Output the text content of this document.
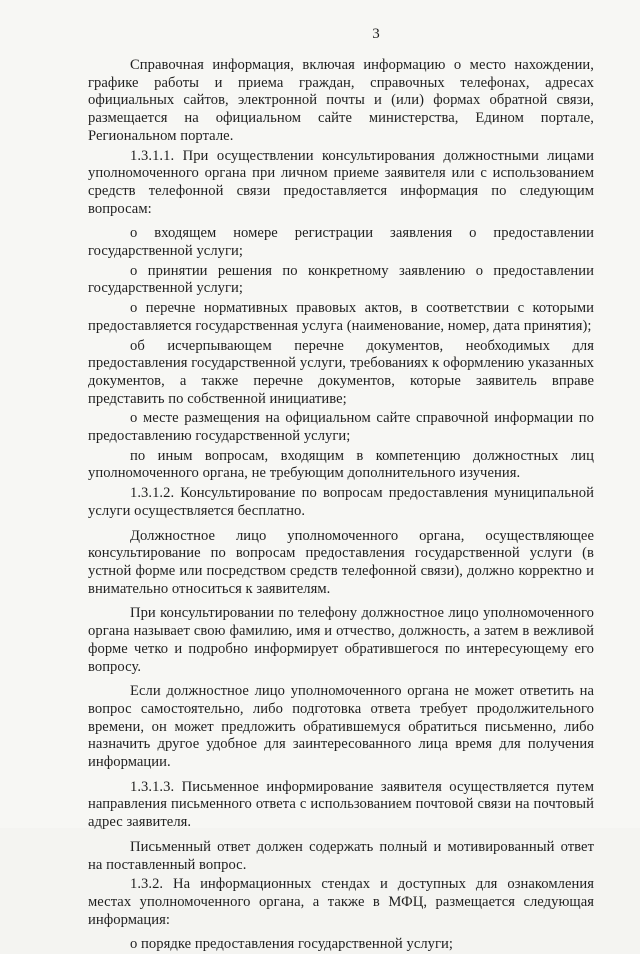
3

Справочная информация, включая информацию о место нахождении, графике работы и приема граждан, справочных телефонах, адресах официальных сайтов, электронной почты и (или) формах обратной связи, размещается на официальном сайте министерства, Едином портале, Региональном портале.

1.3.1.1. При осуществлении консультирования должностными лицами уполномоченного органа при личном приеме заявителя или с использованием средств телефонной связи предоставляется информация по следующим вопросам:

о входящем номере регистрации заявления о предоставлении государственной услуги;

о принятии решения по конкретному заявлению о предоставлении государственной услуги;

о перечне нормативных правовых актов, в соответствии с которыми предоставляется государственная услуга (наименование, номер, дата принятия);

об исчерпывающем перечне документов, необходимых для предоставления государственной услуги, требованиях к оформлению указанных документов, а также перечне документов, которые заявитель вправе представить по собственной инициативе;

о месте размещения на официальном сайте справочной информации по предоставлению государственной услуги;

по иным вопросам, входящим в компетенцию должностных лиц уполномоченного органа, не требующим дополнительного изучения.

1.3.1.2. Консультирование по вопросам предоставления муниципальной услуги осуществляется бесплатно.

Должностное лицо уполномоченного органа, осуществляющее консультирование по вопросам предоставления государственной услуги (в устной форме или посредством средств телефонной связи), должно корректно и внимательно относиться к заявителям.

При консультировании по телефону должностное лицо уполномоченного органа называет свою фамилию, имя и отчество, должность, а затем в вежливой форме четко и подробно информирует обратившегося по интересующему его вопросу.

Если должностное лицо уполномоченного органа не может ответить на вопрос самостоятельно, либо подготовка ответа требует продолжительного времени, он может предложить обратившемуся обратиться письменно, либо назначить другое удобное для заинтересованного лица время для получения информации.

1.3.1.3. Письменное информирование заявителя осуществляется путем направления письменного ответа с использованием почтовой связи на почтовый адрес заявителя.

Письменный ответ должен содержать полный и мотивированный ответ на поставленный вопрос.

1.3.2. На информационных стендах и доступных для ознакомления местах уполномоченного органа, а также в МФЦ, размещается следующая информация:

о порядке предоставления государственной услуги;
